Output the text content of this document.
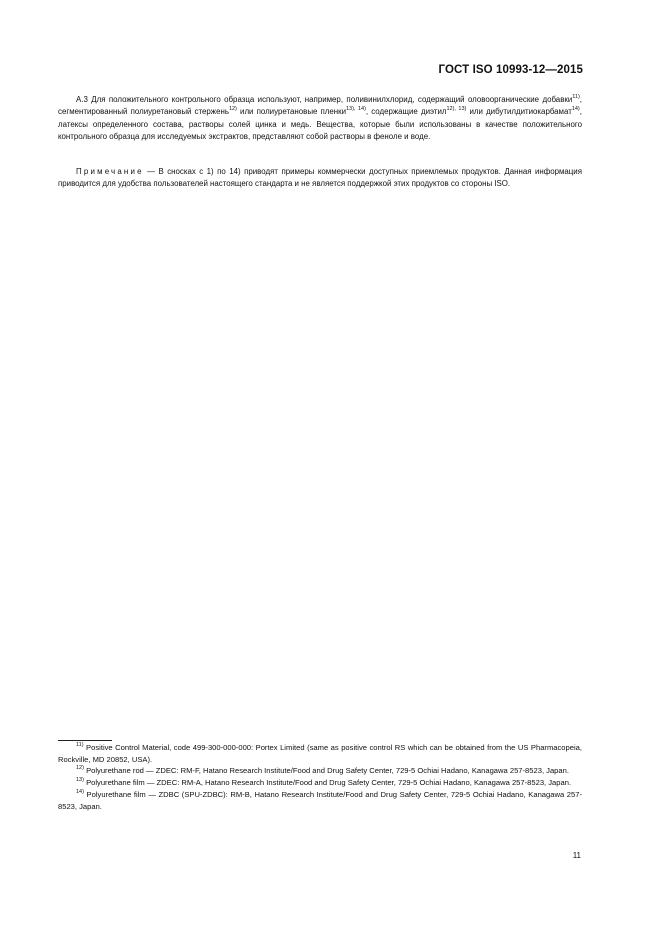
ГОСТ ISO 10993-12—2015

А.3 Для положительного контрольного образца используют, например, поливинилхлорид, содержащий оловоорганические добавки$^{11)}$, сегментированный полиуретановый стержень$^{12)}$ или полиуретановые пленки$^{13), 14)}$, содержащие диэтил$^{12), 13)}$ или дибутилдитиокарбамат$^{14)}$, латексы определенного состава, растворы солей цинка и медь. Вещества, которые были использованы в качестве положительного контрольного образца для исследуемых экстрактов, представляют собой растворы в феноле и воде.

Примечание — В сносках с 1) по 14) приводят примеры коммерчески доступных приемлемых продуктов. Данная информация приводится для удобства пользователей настоящего стандарта и не является поддержкой этих продуктов со стороны ISO.

$^{11)}$ Positive Control Material, code 499-300-000-000: Portex Limited (same as positive control RS which can be obtained from the US Pharmacopeia, Rockville, MD 20852, USA).

$^{12)}$ Polyurethane rod — ZDEC: RM-F, Hatano Research Institute/Food and Drug Safety Center, 729-5 Ochiai Hadano, Kanagawa 257-8523, Japan.

$^{13)}$ Polyurethane film — ZDEC: RM-A, Hatano Research Institute/Food and Drug Safety Center, 729-5 Ochiai Hadano, Kanagawa 257-8523, Japan.

$^{14)}$ Polyurethane film — ZDBC (SPU-ZDBC): RM-B, Hatano Research Institute/Food and Drug Safety Center, 729-5 Ochiai Hadano, Kanagawa 257-8523, Japan.

11
